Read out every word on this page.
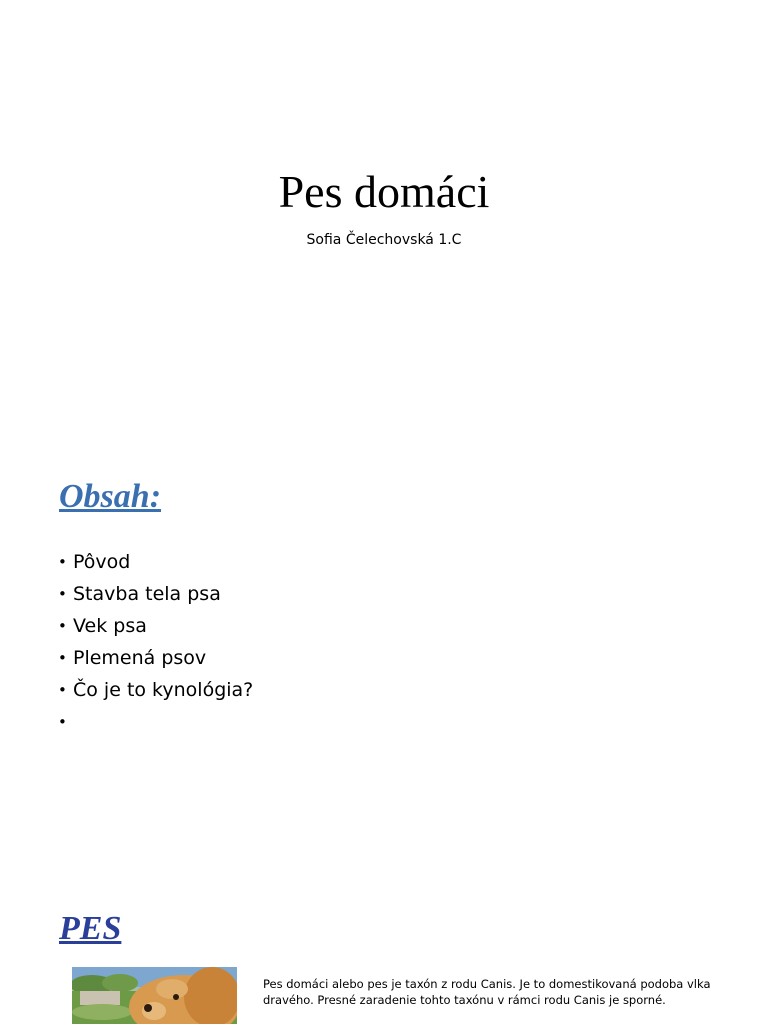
Pes domáci
Sofia Čelechovská 1.C
Obsah:
• Pôvod
• Stavba tela psa
• Vek psa
• Plemená psov
• Čo je to kynológia?
•
PES
Pes domáci alebo pes je taxón z rodu Canis. Je to domestikovaná podoba vlka dravého. Presné zaradenie tohto taxónu v rámci rodu Canis je sporné.
